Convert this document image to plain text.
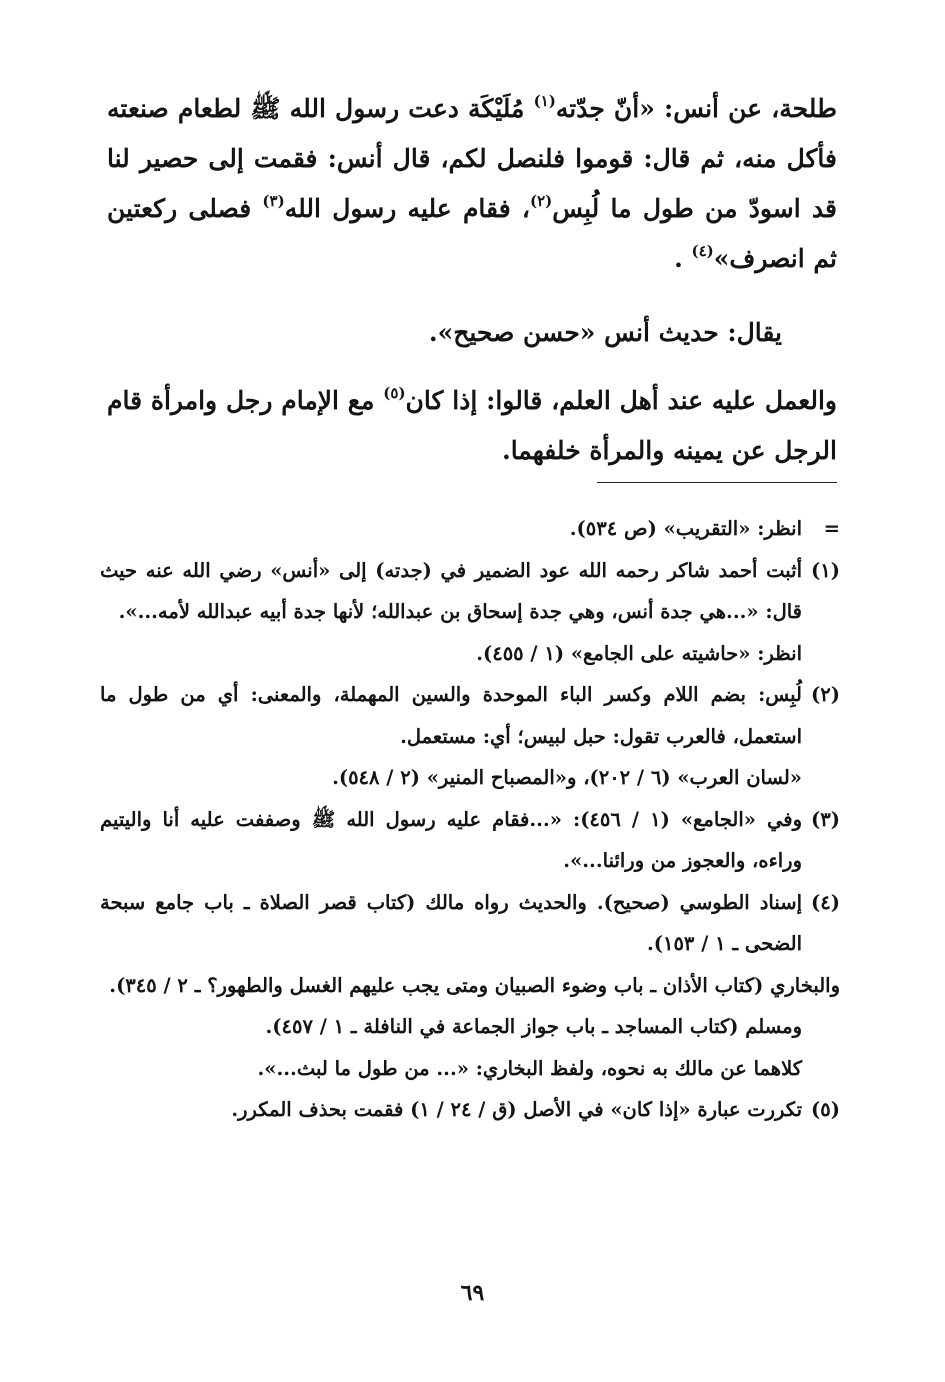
طلحة، عن أنس: «أنّ جدّته$^{(١)}$ مُلَيْكَة دعت رسول الله ﷺ لطعام صنعته فأكل منه، ثم قال: قوموا فلنصل لكم، قال أنس: فقمت إلى حصير لنا قد اسودّ من طول ما لُبِس$^{(٢)}$، فقام عليه رسول الله$^{(٣)}$ فصلى ركعتين ثم انصرف»$^{(٤)}$ .

يقال: حديث أنس «حسن صحيح».

والعمل عليه عند أهل العلم، قالوا: إذا كان$^{(٥)}$ مع الإمام رجل وامرأة قام الرجل عن يمينه والمرأة خلفهما.

=

انظر: «التقريب» (ص ٥٣٤).

(١)

أثبت أحمد شاكر رحمه الله عود الضمير في (جدته) إلى «أنس» رضي الله عنه حيث قال: «...هي جدة أنس، وهي جدة إسحاق بن عبدالله؛ لأنها جدة أبيه عبدالله لأمه...».

انظر: «حاشيته على الجامع» (١ / ٤٥٥).

(٢)

لُبِس: بضم اللام وكسر الباء الموحدة والسين المهملة، والمعنى: أي من طول ما استعمل، فالعرب تقول: حبل لبيس؛ أي: مستعمل.

«لسان العرب» (٦ / ٢٠٢)، و«المصباح المنير» (٢ / ٥٤٨).

(٣)

وفي «الجامع» (١ / ٤٥٦): «...فقام عليه رسول الله ﷺ وصففت عليه أنا واليتيم وراءه، والعجوز من ورائنا...».

(٤)

إسناد الطوسي (صحيح). والحديث رواه مالك (كتاب قصر الصلاة ـ باب جامع سبحة الضحى ـ ١ / ١٥٣).

والبخاري (كتاب الأذان ـ باب وضوء الصبيان ومتى يجب عليهم الغسل والطهور؟ ـ ٢ / ٣٤٥).

ومسلم (كتاب المساجد ـ باب جواز الجماعة في النافلة ـ ١ / ٤٥٧).

كلاهما عن مالك به نحوه، ولفظ البخاري: «... من طول ما لبث...».

(٥)

تكررت عبارة «إذا كان» في الأصل (ق / ٢٤ / ١) فقمت بحذف المكرر.

٦٩
